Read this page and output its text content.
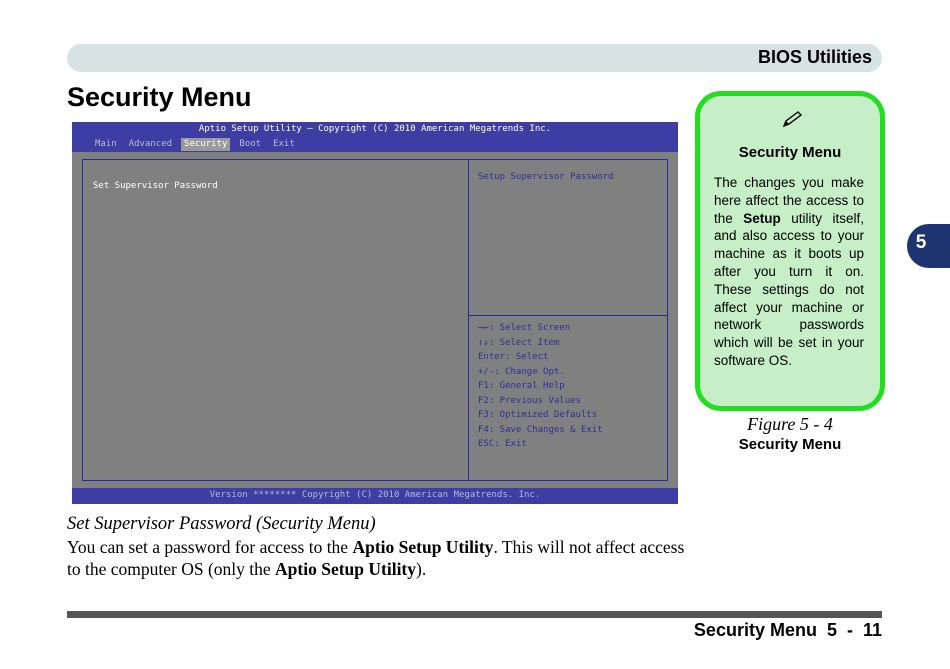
BIOS Utilities
Security Menu
Aptio Setup Utility – Copyright (C) 2010 American Megatrends Inc.
Main	Advanced	Security	Boot	Exit
Set Supervisor Password
Setup Supervisor Password
→←: Select Screen
↑↓: Select Item
Enter: Select
+/-: Change Opt.
F1: General Help
F2: Previous Values
F3: Optimized Defaults
F4: Save Changes & Exit
ESC: Exit
Version ******** Copyright (C) 2010 American Megatrends. Inc.
Security Menu
The changes you make here affect the access to the Setup utility itself, and also access to your machine as it boots up after you turn it on. These settings do not affect your machine or network passwords which will be set in your software OS.
Figure 5 - 4
Security Menu
5
Set Supervisor Password (Security Menu)
You can set a password for access to the Aptio Setup Utility. This will not affect access to the computer OS (only the Aptio Setup Utility).
Security Menu  5  -  11
